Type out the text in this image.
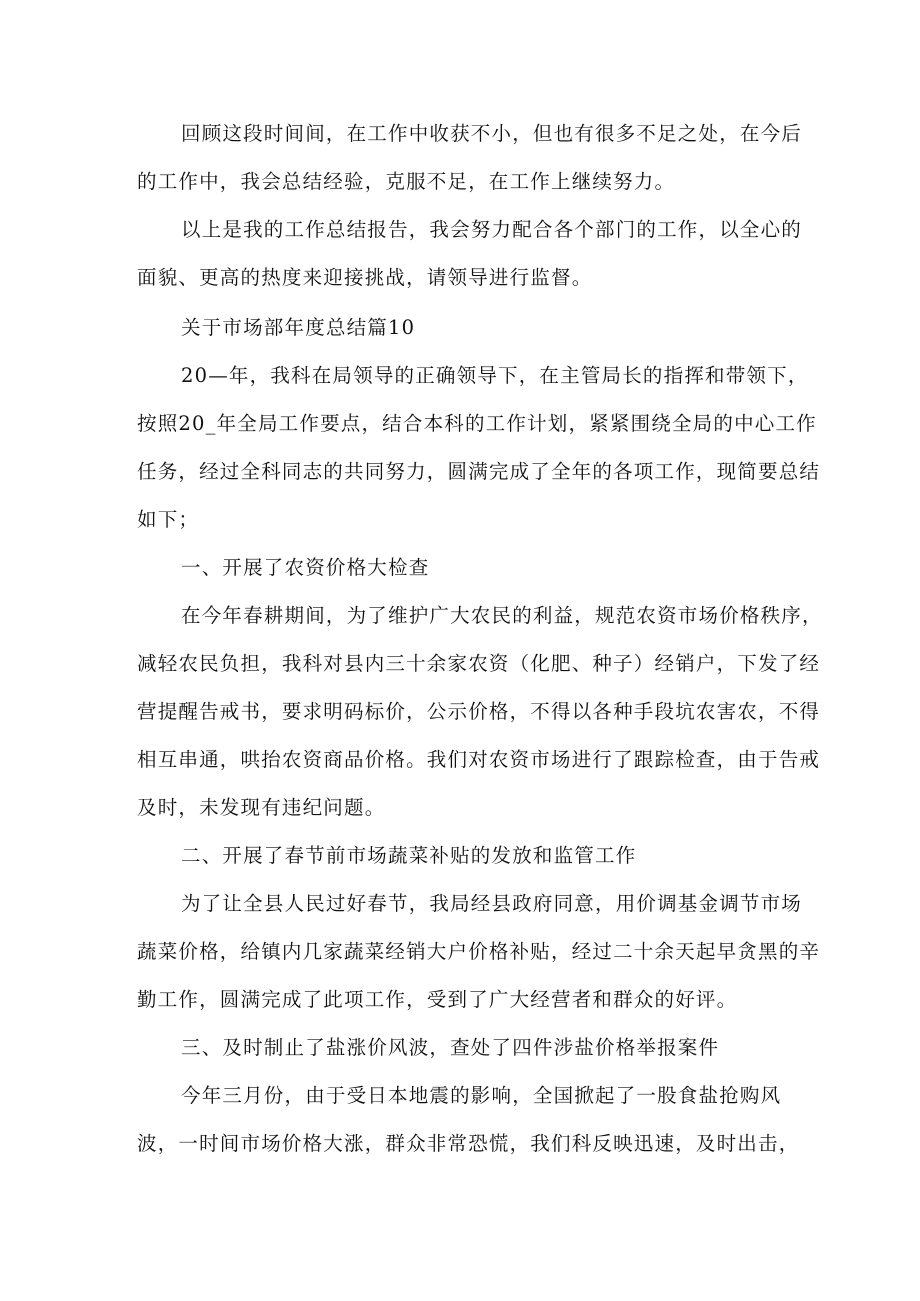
回顾这段时间间，在工作中收获不小，但也有很多不足之处，在今后
的工作中，我会总结经验，克服不足，在工作上继续努力。
以上是我的工作总结报告，我会努力配合各个部门的工作，以全心的
面貌、更高的热度来迎接挑战，请领导进行监督。
关于市场部年度总结篇10
20—年，我科在局领导的正确领导下，在主管局长的指挥和带领下，
按照20_年全局工作要点，结合本科的工作计划，紧紧围绕全局的中心工作
任务，经过全科同志的共同努力，圆满完成了全年的各项工作，现简要总结
如下；
一、开展了农资价格大检查
在今年春耕期间，为了维护广大农民的利益，规范农资市场价格秩序，
减轻农民负担，我科对县内三十余家农资（化肥、种子）经销户，下发了经
营提醒告戒书，要求明码标价，公示价格，不得以各种手段坑农害农，不得
相互串通，哄抬农资商品价格。我们对农资市场进行了跟踪检查，由于告戒
及时，未发现有违纪问题。
二、开展了春节前市场蔬菜补贴的发放和监管工作
为了让全县人民过好春节，我局经县政府同意，用价调基金调节市场
蔬菜价格，给镇内几家蔬菜经销大户价格补贴，经过二十余天起早贪黑的辛
勤工作，圆满完成了此项工作，受到了广大经营者和群众的好评。
三、及时制止了盐涨价风波，查处了四件涉盐价格举报案件
今年三月份，由于受日本地震的影响，全国掀起了一股食盐抢购风
波，一时间市场价格大涨，群众非常恐慌，我们科反映迅速，及时出击，
